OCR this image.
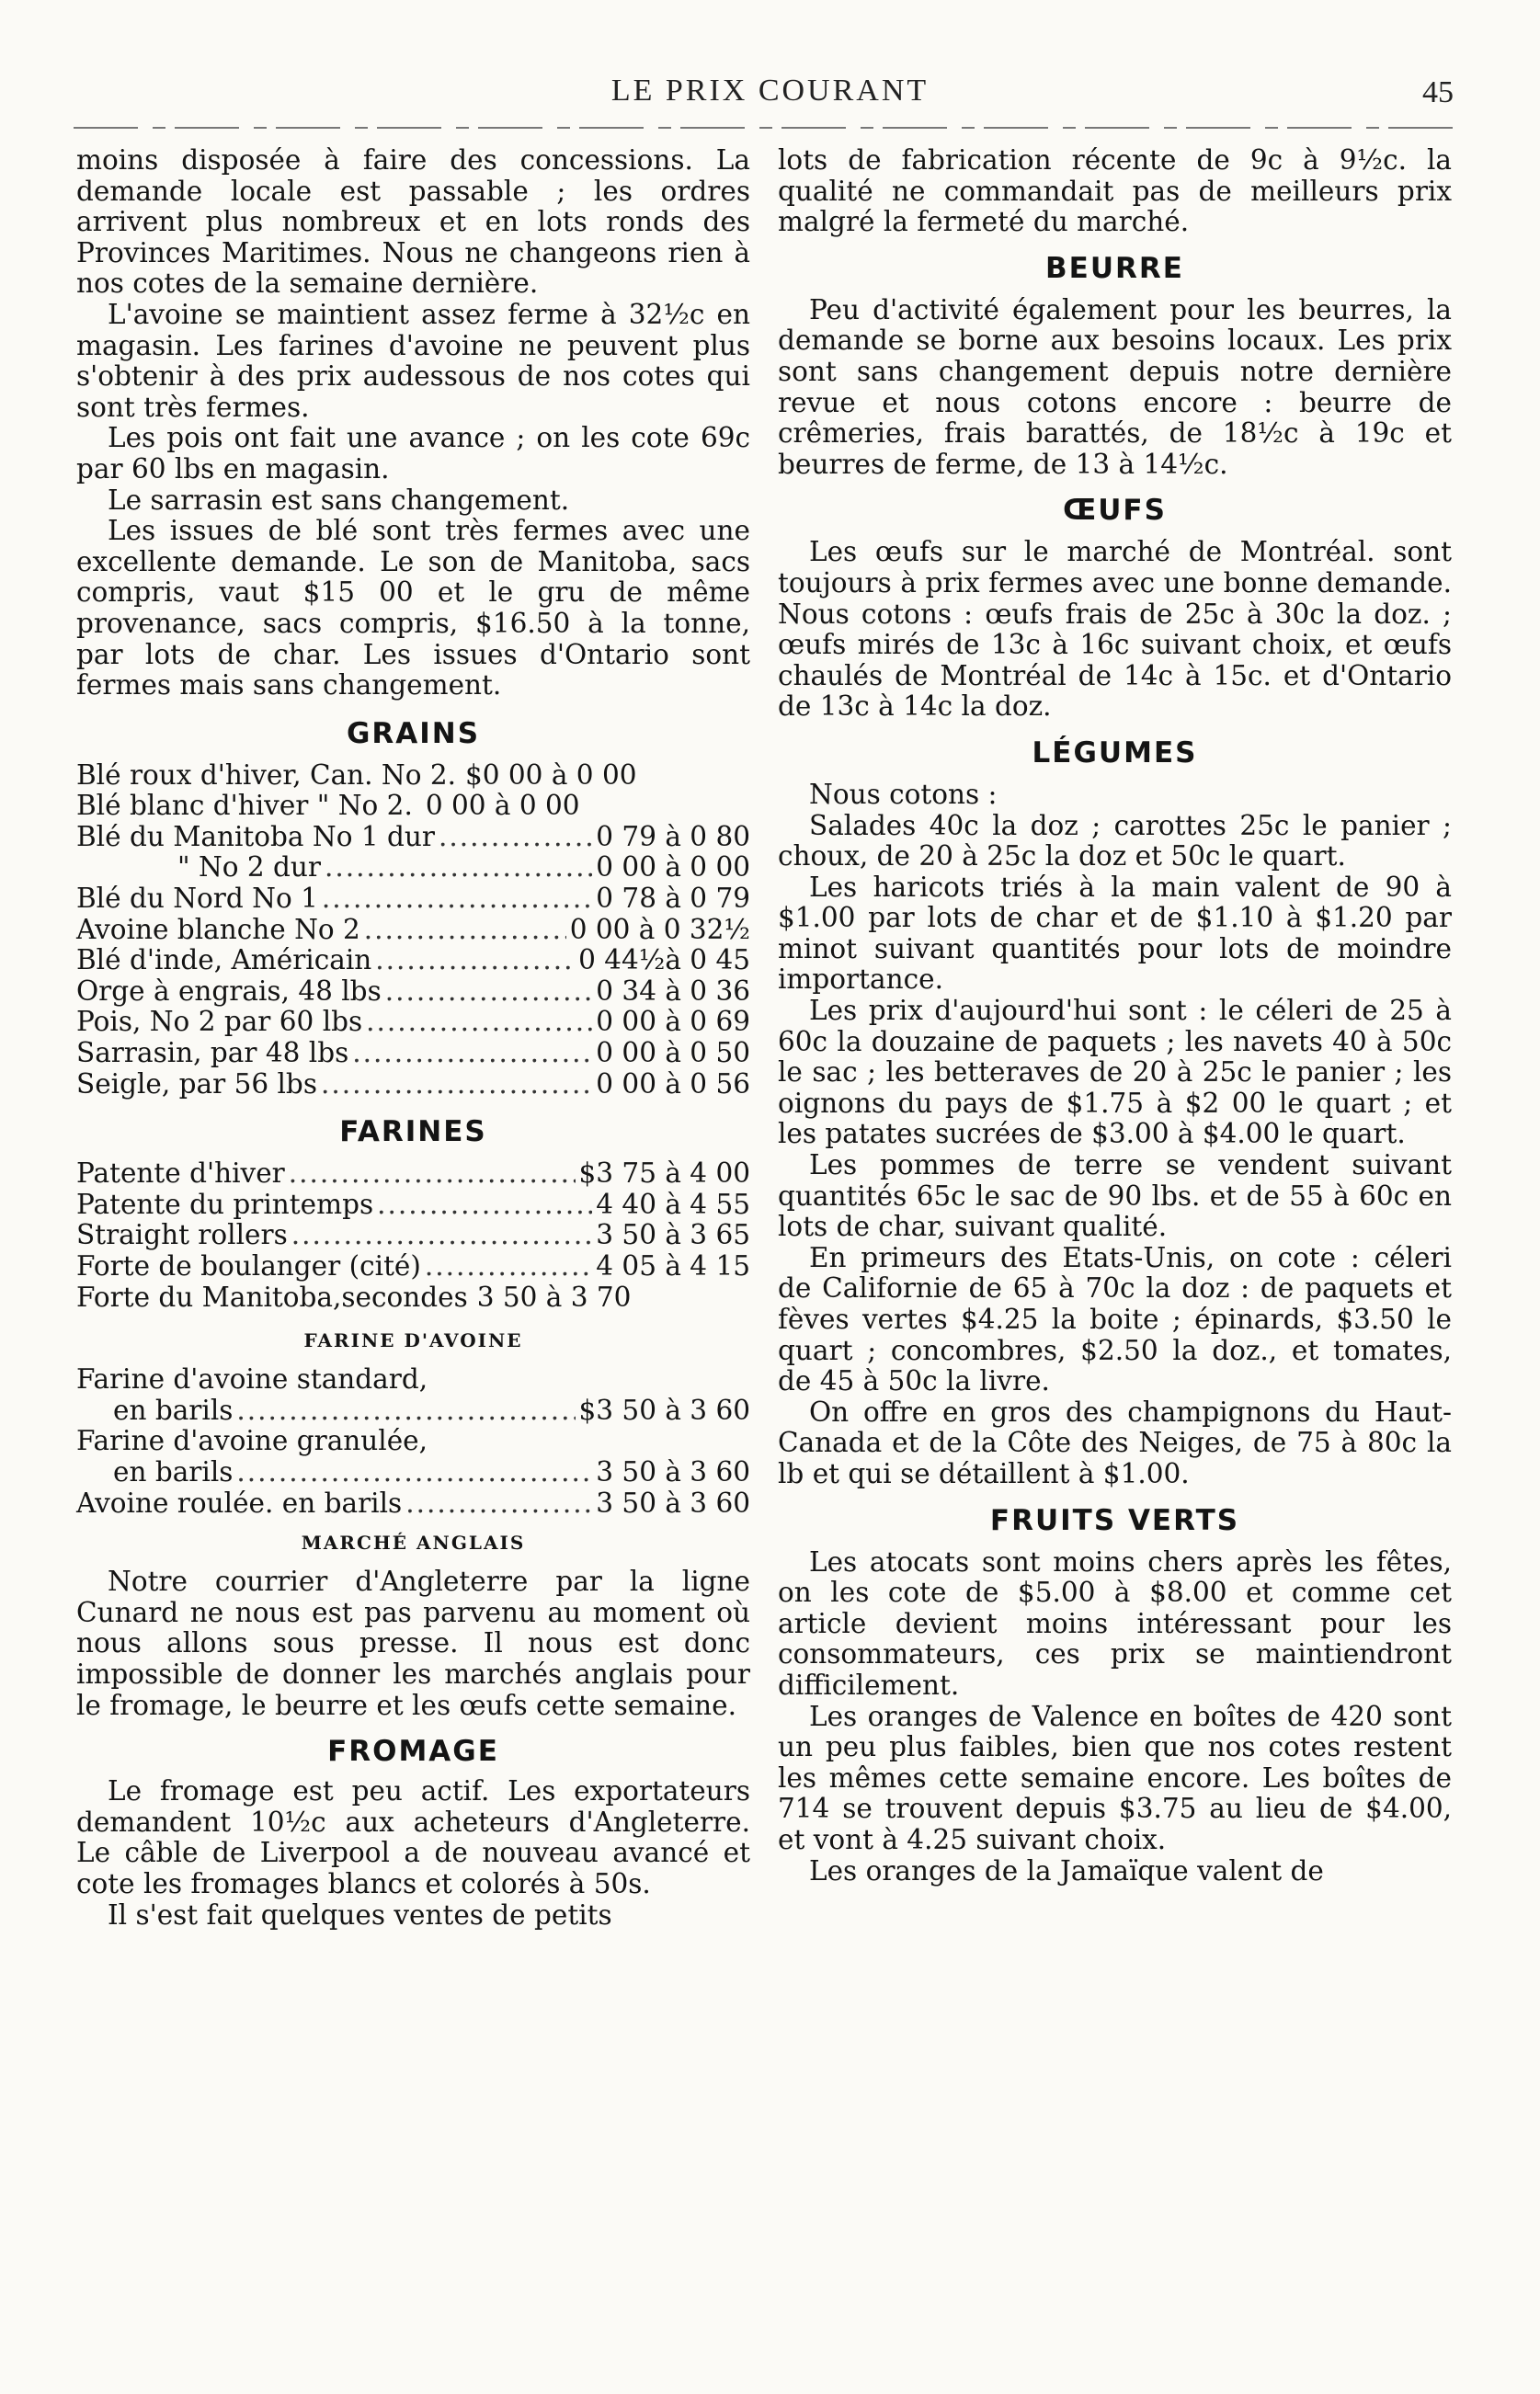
LE PRIX COURANT	45

moins disposée à faire des concessions. La demande locale est passable ; les ordres arrivent plus nombreux et en lots ronds des Provinces Maritimes. Nous ne changeons rien à nos cotes de la semaine dernière.

L'avoine se maintient assez ferme à 32½c en magasin. Les farines d'avoine ne peuvent plus s'obtenir à des prix audessous de nos cotes qui sont très fermes.

Les pois ont fait une avance ; on les cote 69c par 60 lbs en magasin.

Le sarrasin est sans changement.

Les issues de blé sont très fermes avec une excellente demande. Le son de Manitoba, sacs compris, vaut $15 00 et le gru de même provenance, sacs compris, $16.50 à la tonne, par lots de char. Les issues d'Ontario sont fermes mais sans changement.

GRAINS
Blé roux d'hiver, Can. No 2. $0 00 à 0 00
Blé blanc d'hiver " No 2. 0 00 à 0 00
Blé du Manitoba No 1 dur .....	0 79 à 0 80
" No 2 dur .....	0 00 à 0 00
Blé du Nord No 1 .....	0 78 à 0 79
Avoine blanche No 2 .....	0 00 à 0 32½
Blé d'inde, Américain .....	0 44½à 0 45
Orge à engrais, 48 lbs .....	0 34 à 0 36
Pois, No 2 par 60 lbs .....	0 00 à 0 69
Sarrasin, par 48 lbs .....	0 00 à 0 50
Seigle, par 56 lbs .....	0 00 à 0 56
FARINES
Patente d'hiver .....	$3 75 à 4 00
Patente du printemps .....	4 40 à 4 55
Straight rollers .....	3 50 à 3 65
Forte de boulanger (cité) .....	4 05 à 4 15
Forte du Manitoba,secondes 3 50 à 3 70
FARINE D'AVOINE

Farine d'avoine standard,

en barils .....	$3 50 à 3 60

Farine d'avoine granulée,

en barils .....	3 50 à 3 60
Avoine roulée. en barils .....	3 50 à 3 60
MARCHÉ ANGLAIS

Notre courrier d'Angleterre par la ligne Cunard ne nous est pas parvenu au moment où nous allons sous presse. Il nous est donc impossible de donner les marchés anglais pour le fromage, le beurre et les œufs cette semaine.

FROMAGE

Le fromage est peu actif. Les exportateurs demandent 10½c aux acheteurs d'Angleterre. Le câble de Liverpool a de nouveau avancé et cote les fromages blancs et colorés à 50s.

Il s'est fait quelques ventes de petits

lots de fabrication récente de 9c à 9½c. la qualité ne commandait pas de meilleurs prix malgré la fermeté du marché.

BEURRE

Peu d'activité également pour les beurres, la demande se borne aux besoins locaux. Les prix sont sans changement depuis notre dernière revue et nous cotons encore : beurre de crêmeries, frais barattés, de 18½c à 19c et beurres de ferme, de 13 à 14½c.

ŒUFS

Les œufs sur le marché de Montréal. sont toujours à prix fermes avec une bonne demande. Nous cotons : œufs frais de 25c à 30c la doz. ; œufs mirés de 13c à 16c suivant choix, et œufs chaulés de Montréal de 14c à 15c. et d'Ontario de 13c à 14c la doz.

LÉGUMES

Nous cotons :

Salades 40c la doz ; carottes 25c le panier ; choux, de 20 à 25c la doz et 50c le quart.

Les haricots triés à la main valent de 90 à $1.00 par lots de char et de $1.10 à $1.20 par minot suivant quantités pour lots de moindre importance.

Les prix d'aujourd'hui sont : le céleri de 25 à 60c la douzaine de paquets ; les navets 40 à 50c le sac ; les betteraves de 20 à 25c le panier ; les oignons du pays de $1.75 à $2 00 le quart ; et les patates sucrées de $3.00 à $4.00 le quart.

Les pommes de terre se vendent suivant quantités 65c le sac de 90 lbs. et de 55 à 60c en lots de char, suivant qualité.

En primeurs des Etats-Unis, on cote : céleri de Californie de 65 à 70c la doz : de paquets et fèves vertes $4.25 la boite ; épinards, $3.50 le quart ; concombres, $2.50 la doz., et tomates, de 45 à 50c la livre.

On offre en gros des champignons du Haut-Canada et de la Côte des Neiges, de 75 à 80c la lb et qui se détaillent à $1.00.

FRUITS VERTS

Les atocats sont moins chers après les fêtes, on les cote de $5.00 à $8.00 et comme cet article devient moins intéressant pour les consommateurs, ces prix se maintiendront difficilement.

Les oranges de Valence en boîtes de 420 sont un peu plus faibles, bien que nos cotes restent les mêmes cette semaine encore. Les boîtes de 714 se trouvent depuis $3.75 au lieu de $4.00, et vont à 4.25 suivant choix.

Les oranges de la Jamaïque valent de
